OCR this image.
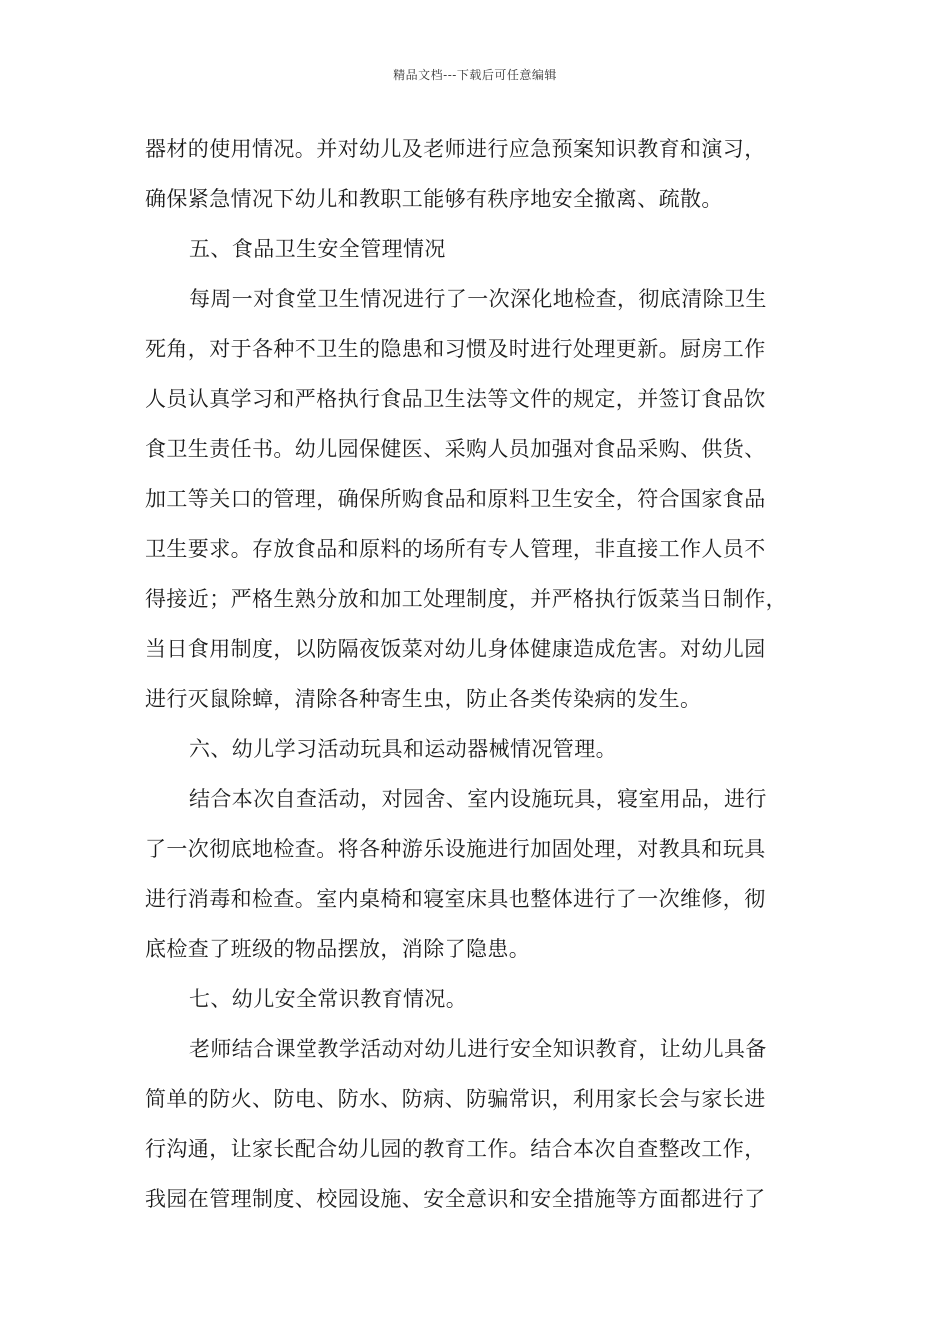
精品文档---下载后可任意编辑
器材的使用情况。并对幼儿及老师进行应急预案知识教育和演习，
确保紧急情况下幼儿和教职工能够有秩序地安全撤离、疏散。
五、食品卫生安全管理情况
每周一对食堂卫生情况进行了一次深化地检查，彻底清除卫生
死角，对于各种不卫生的隐患和习惯及时进行处理更新。厨房工作
人员认真学习和严格执行食品卫生法等文件的规定，并签订食品饮
食卫生责任书。幼儿园保健医、采购人员加强对食品采购、供货、
加工等关口的管理，确保所购食品和原料卫生安全，符合国家食品
卫生要求。存放食品和原料的场所有专人管理，非直接工作人员不
得接近；严格生熟分放和加工处理制度，并严格执行饭菜当日制作，
当日食用制度，以防隔夜饭菜对幼儿身体健康造成危害。对幼儿园
进行灭鼠除蟑，清除各种寄生虫，防止各类传染病的发生。
六、幼儿学习活动玩具和运动器械情况管理。
结合本次自查活动，对园舍、室内设施玩具，寝室用品，进行
了一次彻底地检查。将各种游乐设施进行加固处理，对教具和玩具
进行消毒和检查。室内桌椅和寝室床具也整体进行了一次维修，彻
底检查了班级的物品摆放，消除了隐患。
七、幼儿安全常识教育情况。
老师结合课堂教学活动对幼儿进行安全知识教育，让幼儿具备
简单的防火、防电、防水、防病、防骗常识，利用家长会与家长进
行沟通，让家长配合幼儿园的教育工作。结合本次自查整改工作，
我园在管理制度、校园设施、安全意识和安全措施等方面都进行了
